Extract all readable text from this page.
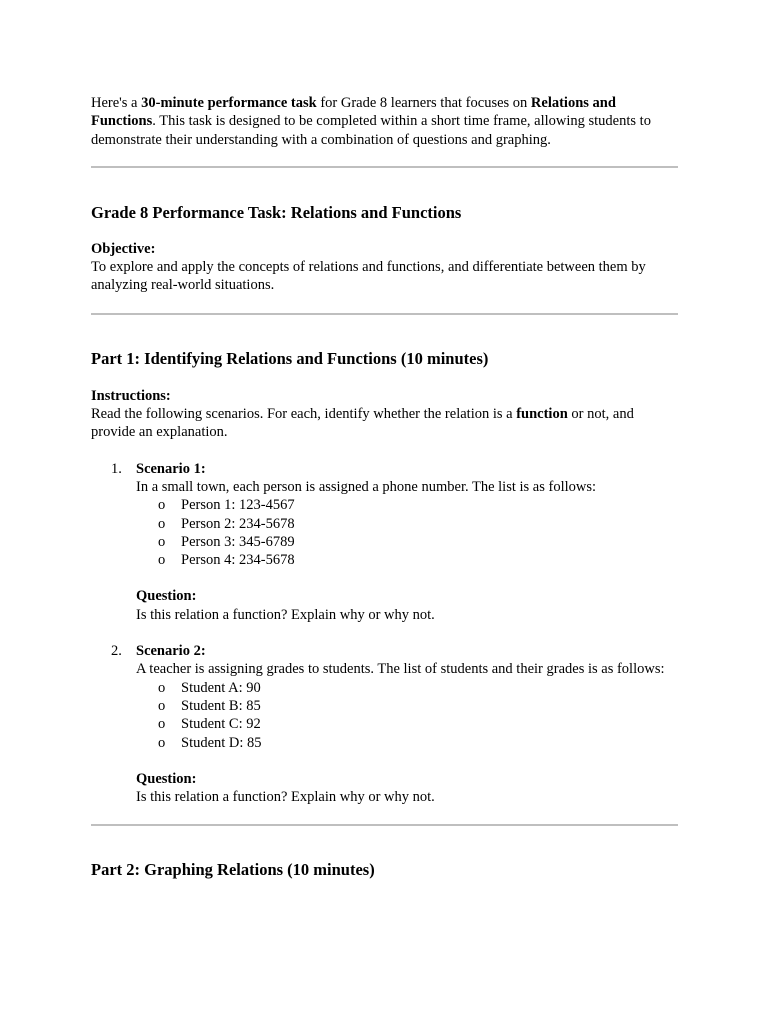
Here's a 30-minute performance task for Grade 8 learners that focuses on Relations and Functions. This task is designed to be completed within a short time frame, allowing students to demonstrate their understanding with a combination of questions and graphing.

Grade 8 Performance Task: Relations and Functions

Objective:

To explore and apply the concepts of relations and functions, and differentiate between them by analyzing real-world situations.

Part 1: Identifying Relations and Functions (10 minutes)

Instructions:

Read the following scenarios. For each, identify whether the relation is a function or not, and provide an explanation.

1. Scenario 1:

In a small town, each person is assigned a phone number. The list is as follows:

o Person 1: 123-4567
o Person 2: 234-5678
o Person 3: 345-6789
o Person 4: 234-5678

Question:

Is this relation a function? Explain why or why not.

2. Scenario 2:

A teacher is assigning grades to students. The list of students and their grades is as follows:

o Student A: 90
o Student B: 85
o Student C: 92
o Student D: 85

Question:

Is this relation a function? Explain why or why not.

Part 2: Graphing Relations (10 minutes)
